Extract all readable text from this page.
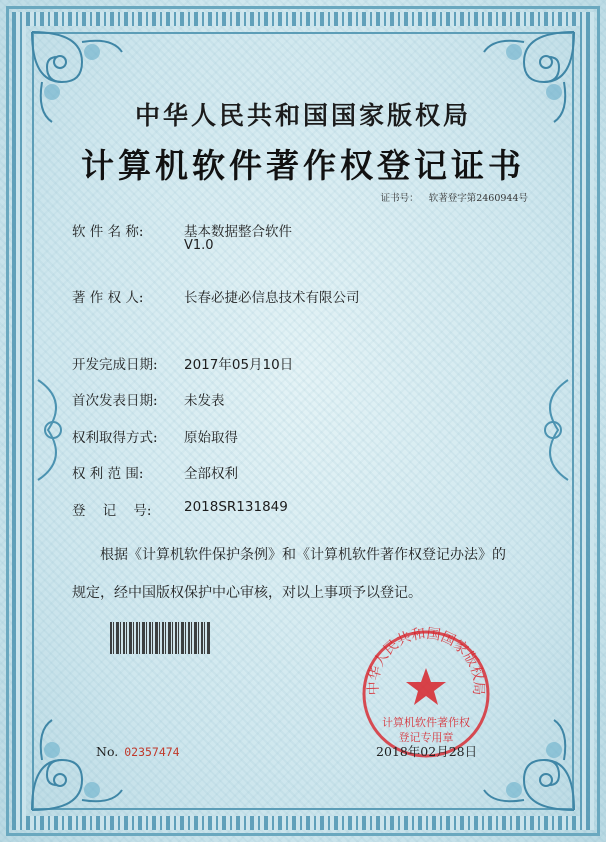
中华人民共和国国家版权局
计算机软件著作权登记证书
证书号： 软著登字第2460944号
软 件 名 称:	基本数据整合软件
V1.0
著 作 权 人:	长春必捷必信息技术有限公司
开发完成日期:	2017年05月10日
首次发表日期:	未发表
权利取得方式:	原始取得
权 利 范 围:	全部权利
登    记    号:	2018SR131849

根据《计算机软件保护条例》和《计算机软件著作权登记办法》的

规定，经中国版权保护中心审核，对以上事项予以登记。

中华人民共和国国家版权局
计算机软件著作权
登记专用章
No. 02357474	2018年02月28日
